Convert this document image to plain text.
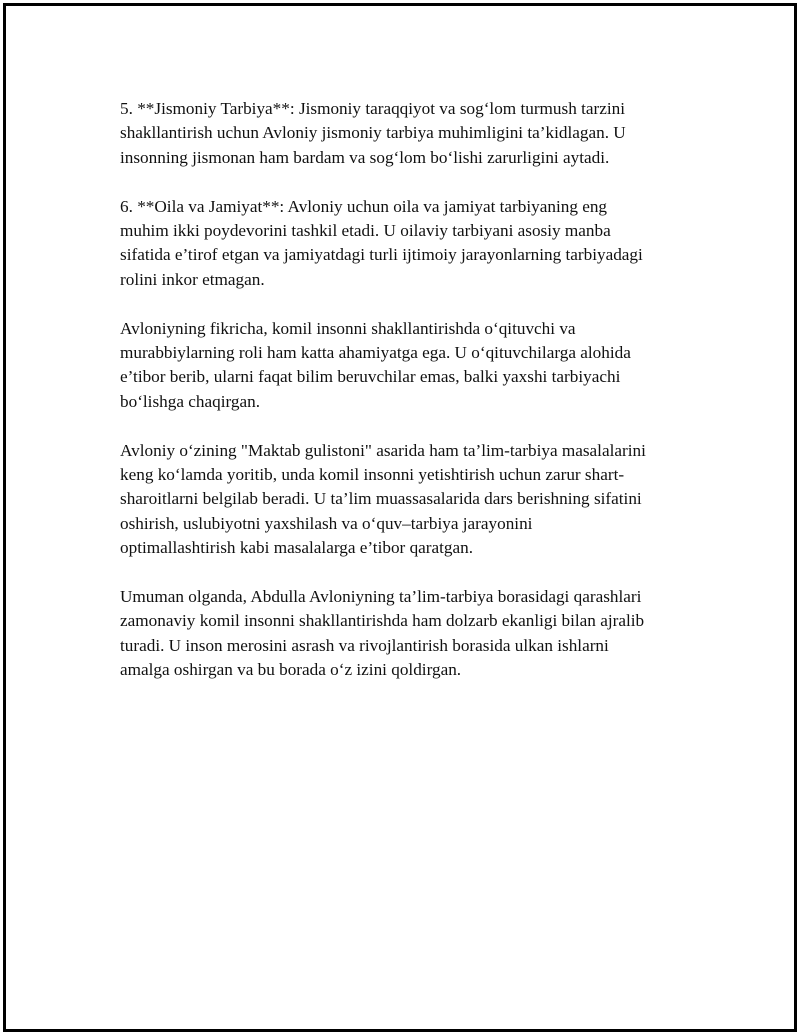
5. **Jismoniy Tarbiya**: Jismoniy taraqqiyot va sog‘lom turmush tarzini
shakllantirish uchun Avloniy jismoniy tarbiya muhimligini ta’kidlagan. U
insonning jismonan ham bardam va sog‘lom bo‘lishi zarurligini aytadi.

6. **Oila va Jamiyat**: Avloniy uchun oila va jamiyat tarbiyaning eng
muhim ikki poydevorini tashkil etadi. U oilaviy tarbiyani asosiy manba
sifatida e’tirof etgan va jamiyatdagi turli ijtimoiy jarayonlarning tarbiyadagi
rolini inkor etmagan.

Avloniyning fikricha, komil insonni shakllantirishda o‘qituvchi va
murabbiylarning roli ham katta ahamiyatga ega. U o‘qituvchilarga alohida
e’tibor berib, ularni faqat bilim beruvchilar emas, balki yaxshi tarbiyachi
bo‘lishga chaqirgan.

Avloniy o‘zining "Maktab gulistoni" asarida ham ta’lim-tarbiya masalalarini
keng ko‘lamda yoritib, unda komil insonni yetishtirish uchun zarur shart-
sharoitlarni belgilab beradi. U ta’lim muassasalarida dars berishning sifatini
oshirish, uslubiyotni yaxshilash va o‘quv–tarbiya jarayonini
optimallashtirish kabi masalalarga e’tibor qaratgan.

Umuman olganda, Abdulla Avloniyning ta’lim-tarbiya borasidagi qarashlari
zamonaviy komil insonni shakllantirishda ham dolzarb ekanligi bilan ajralib
turadi. U inson merosini asrash va rivojlantirish borasida ulkan ishlarni
amalga oshirgan va bu borada o‘z izini qoldirgan.
